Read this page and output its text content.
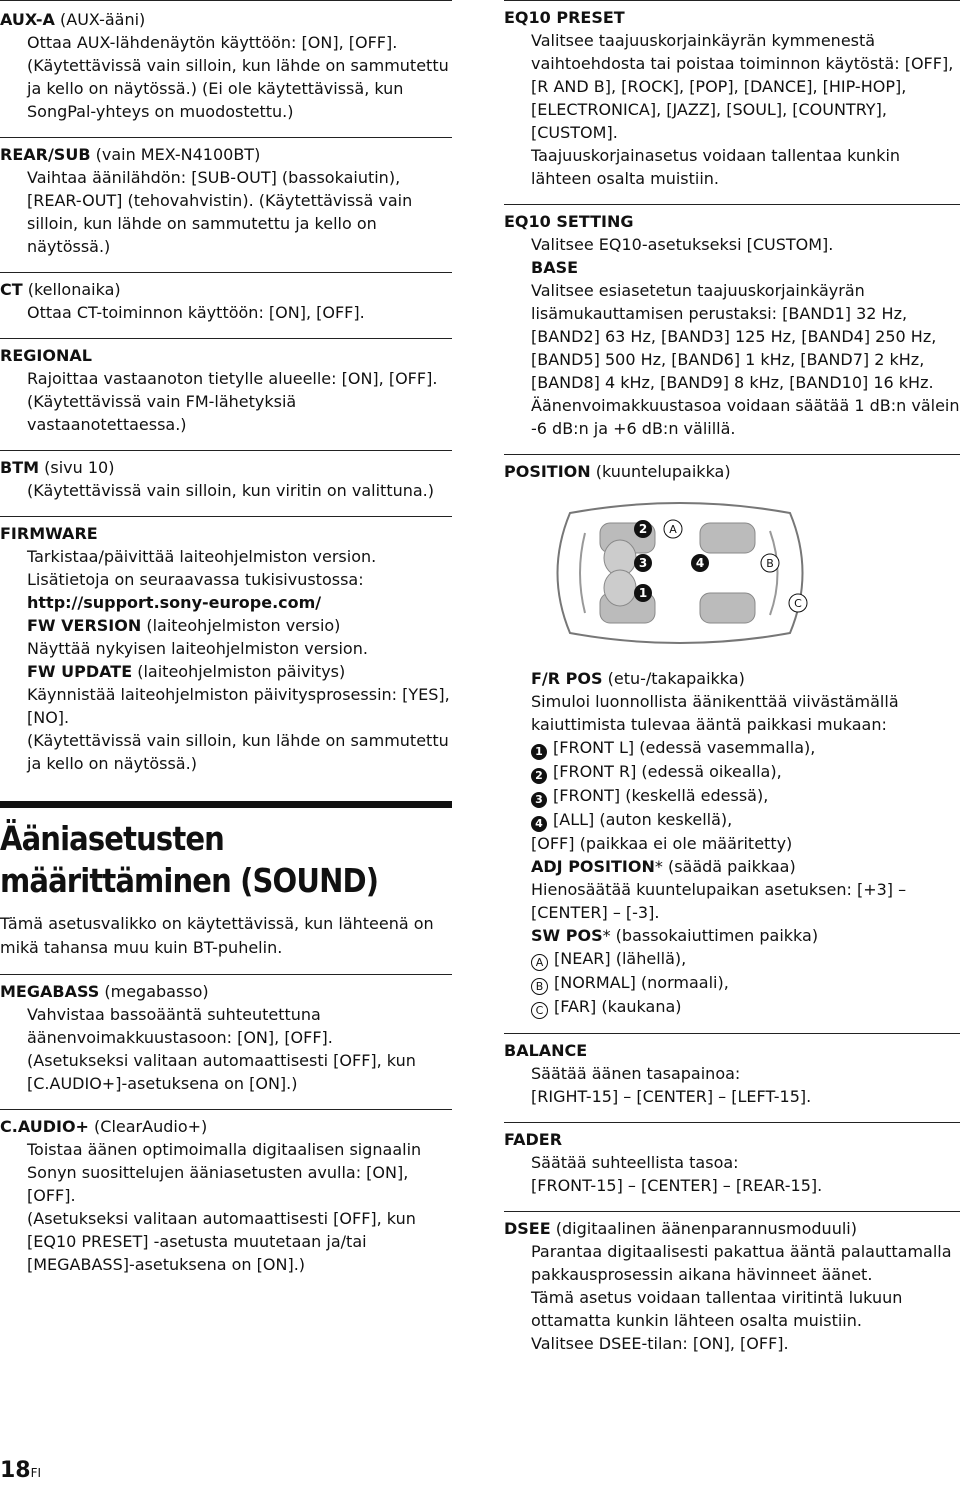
AUX-A (AUX-ääni)

Ottaa AUX-lähdenäytön käyttöön: [ON], [OFF].

(Käytettävissä vain silloin, kun lähde on sammutettu ja kello on näytössä.) (Ei ole käytettävissä, kun SongPal-yhteys on muodostettu.)

REAR/SUB (vain MEX-N4100BT)

Vaihtaa äänilähdön: [SUB-OUT] (bassokaiutin), [REAR-OUT] (tehovahvistin). (Käytettävissä vain silloin, kun lähde on sammutettu ja kello on näytössä.)

CT (kellonaika)

Ottaa CT-toiminnon käyttöön: [ON], [OFF].

REGIONAL

Rajoittaa vastaanoton tietylle alueelle: [ON], [OFF]. (Käytettävissä vain FM-lähetyksiä vastaanotettaessa.)

BTM (sivu 10)

(Käytettävissä vain silloin, kun viritin on valittuna.)

FIRMWARE

Tarkistaa/päivittää laiteohjelmiston version.

Lisätietoja on seuraavassa tukisivustossa:

http://support.sony-europe.com/

FW VERSION (laiteohjelmiston versio)

Näyttää nykyisen laiteohjelmiston version.

FW UPDATE (laiteohjelmiston päivitys)

Käynnistää laiteohjelmiston päivitysprosessin: [YES], [NO].

(Käytettävissä vain silloin, kun lähde on sammutettu ja kello on näytössä.)

Ääniasetusten määrittäminen (SOUND)
Tämä asetusvalikko on käytettävissä, kun lähteenä on mikä tahansa muu kuin BT-puhelin.
MEGABASS (megabasso)

Vahvistaa bassoääntä suhteutettuna äänenvoimakkuustasoon: [ON], [OFF].

(Asetukseksi valitaan automaattisesti [OFF], kun [C.AUDIO+]-asetuksena on [ON].)

C.AUDIO+ (ClearAudio+)

Toistaa äänen optimoimalla digitaalisen signaalin Sonyn suosittelujen ääniasetusten avulla: [ON], [OFF].

(Asetukseksi valitaan automaattisesti [OFF], kun [EQ10 PRESET] -asetusta muutetaan ja/tai [MEGABASS]-asetuksena on [ON].)

EQ10 PRESET

Valitsee taajuuskorjainkäyrän kymmenestä vaihtoehdosta tai poistaa toiminnon käytöstä: [OFF], [R AND B], [ROCK], [POP], [DANCE], [HIP-HOP], [ELECTRONICA], [JAZZ], [SOUL], [COUNTRY], [CUSTOM].

Taajuuskorjainasetus voidaan tallentaa kunkin lähteen osalta muistiin.

EQ10 SETTING

Valitsee EQ10-asetukseksi [CUSTOM].

BASE

Valitsee esiasetetun taajuuskorjainkäyrän lisämukauttamisen perustaksi: [BAND1] 32 Hz, [BAND2] 63 Hz, [BAND3] 125 Hz, [BAND4] 250 Hz, [BAND5] 500 Hz, [BAND6] 1 kHz, [BAND7] 2 kHz, [BAND8] 4 kHz, [BAND9] 8 kHz, [BAND10] 16 kHz.

Äänenvoimakkuustasoa voidaan säätää 1 dB:n välein -6 dB:n ja +6 dB:n välillä.

POSITION (kuuntelupaikka)
2 A
3	4	B
1
C

F/R POS (etu-/takapaikka)

Simuloi luonnollista äänikenttää viivästämällä kaiuttimista tulevaa ääntä paikkasi mukaan:

1 [FRONT L] (edessä vasemmalla),

2 [FRONT R] (edessä oikealla),

3 [FRONT] (keskellä edessä),

4 [ALL] (auton keskellä),

[OFF] (paikkaa ei ole määritetty)

ADJ POSITION* (säädä paikkaa)

Hienosäätää kuuntelupaikan asetuksen: [+3] – [CENTER] – [-3].

SW POS* (bassokaiuttimen paikka)

A [NEAR] (lähellä),

B [NORMAL] (normaali),

C [FAR] (kaukana)

BALANCE

Säätää äänen tasapainoa:

[RIGHT-15] – [CENTER] – [LEFT-15].

FADER

Säätää suhteellista tasoa:

[FRONT-15] – [CENTER] – [REAR-15].

DSEE (digitaalinen äänenparannusmoduuli)

Parantaa digitaalisesti pakattua ääntä palauttamalla pakkausprosessin aikana hävinneet äänet.

Tämä asetus voidaan tallentaa viritintä lukuun ottamatta kunkin lähteen osalta muistiin.

Valitsee DSEE-tilan: [ON], [OFF].

18FI
